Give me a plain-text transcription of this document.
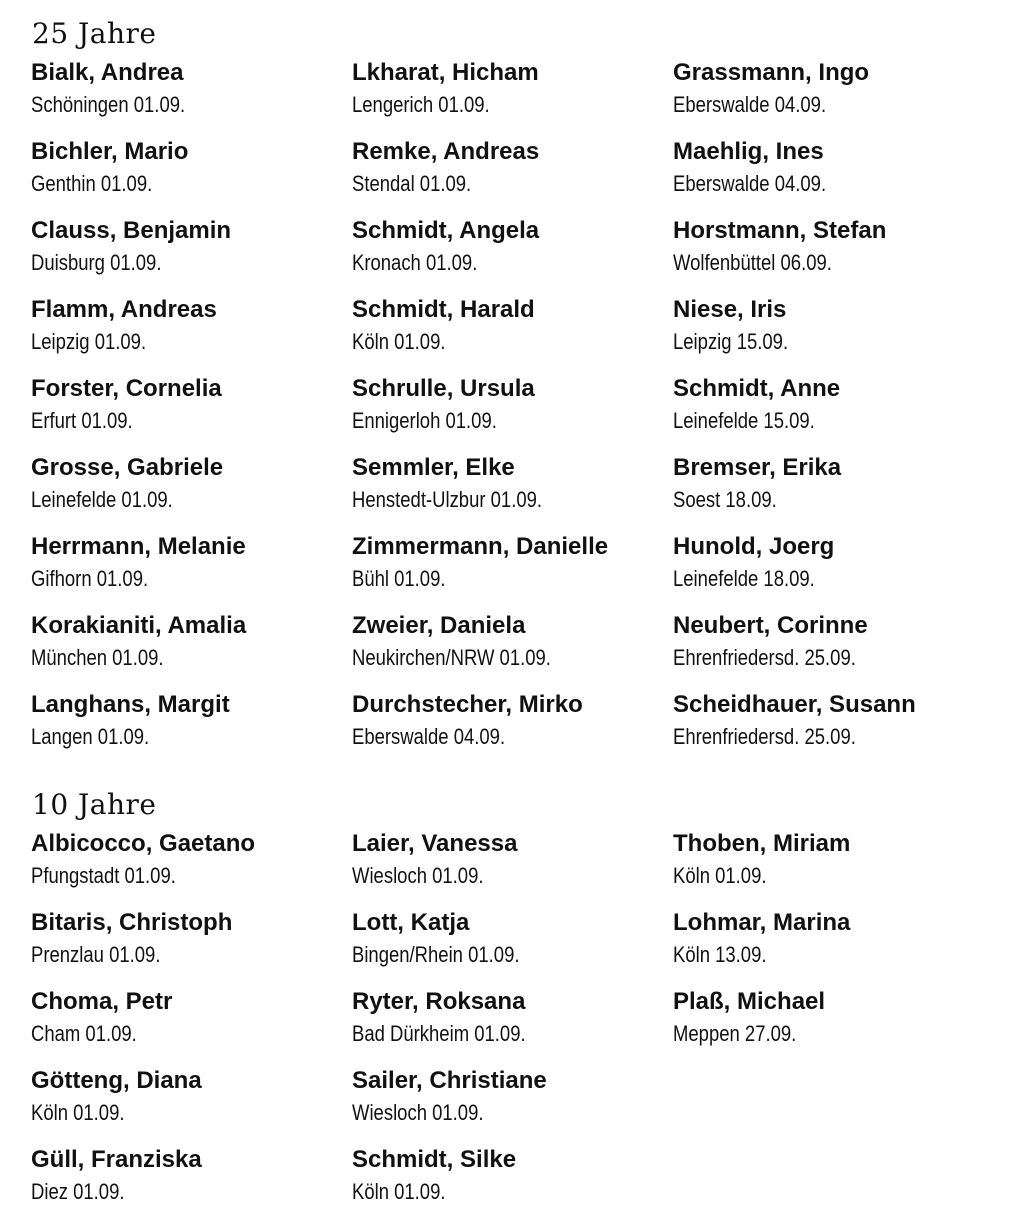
25 Jahre
Bialk, Andrea
Schöningen 01.09.
Bichler, Mario
Genthin 01.09.
Clauss, Benjamin
Duisburg 01.09.
Flamm, Andreas
Leipzig 01.09.
Forster, Cornelia
Erfurt 01.09.
Grosse, Gabriele
Leinefelde 01.09.
Herrmann, Melanie
Gifhorn 01.09.
Korakianiti, Amalia
München 01.09.
Langhans, Margit
Langen 01.09.
Lkharat, Hicham
Lengerich 01.09.
Remke, Andreas
Stendal 01.09.
Schmidt, Angela
Kronach 01.09.
Schmidt, Harald
Köln 01.09.
Schrulle, Ursula
Ennigerloh 01.09.
Semmler, Elke
Henstedt-Ulzbur 01.09.
Zimmermann, Danielle
Bühl 01.09.
Zweier, Daniela
Neukirchen/NRW 01.09.
Durchstecher, Mirko
Eberswalde 04.09.
Grassmann, Ingo
Eberswalde 04.09.
Maehlig, Ines
Eberswalde 04.09.
Horstmann, Stefan
Wolfenbüttel 06.09.
Niese, Iris
Leipzig 15.09.
Schmidt, Anne
Leinefelde 15.09.
Bremser, Erika
Soest 18.09.
Hunold, Joerg
Leinefelde 18.09.
Neubert, Corinne
Ehrenfriedersd. 25.09.
Scheidhauer, Susann
Ehrenfriedersd. 25.09.
10 Jahre
Albicocco, Gaetano
Pfungstadt 01.09.
Bitaris, Christoph
Prenzlau 01.09.
Choma, Petr
Cham 01.09.
Götteng, Diana
Köln 01.09.
Güll, Franziska
Diez 01.09.
Laier, Vanessa
Wiesloch 01.09.
Lott, Katja
Bingen/Rhein 01.09.
Ryter, Roksana
Bad Dürkheim 01.09.
Sailer, Christiane
Wiesloch 01.09.
Schmidt, Silke
Köln 01.09.
Thoben, Miriam
Köln 01.09.
Lohmar, Marina
Köln 13.09.
Plaß, Michael
Meppen 27.09.
